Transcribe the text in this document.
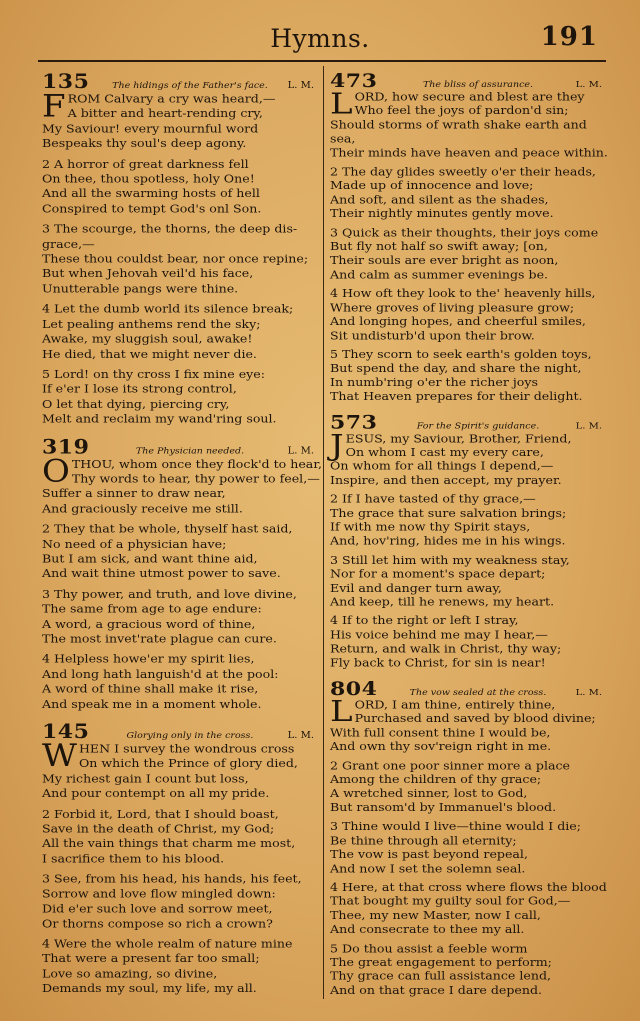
Hymns.	191
135	The hidings of the Father's face.	L. M.
F ROM Calvary a cry was heard,—
A bitter and heart-rending cry,
My Saviour! every mournful word
Bespeaks thy soul's deep agony.
2 A horror of great darkness fell
On thee, thou spotless, holy One!
And all the swarming hosts of hell
Conspired to tempt God's onl Son.
3 The scourge, the thorns, the deep dis-
grace,—
These thou couldst bear, nor once repine;
But when Jehovah veil'd his face,
Unutterable pangs were thine.
4 Let the dumb world its silence break;
Let pealing anthems rend the sky;
Awake, my sluggish soul, awake!
He died, that we might never die.
5 Lord! on thy cross I fix mine eye:
If e'er I lose its strong control,
O let that dying, piercing cry,
Melt and reclaim my wand'ring soul.
319	The Physician needed.	L. M.
O THOU, whom once they flock'd to hear,
Thy words to hear, thy power to feel,—
Suffer a sinner to draw near,
And graciously receive me still.
2 They that be whole, thyself hast said,
No need of a physician have;
But I am sick, and want thine aid,
And wait thine utmost power to save.
3 Thy power, and truth, and love divine,
The same from age to age endure:
A word, a gracious word of thine,
The most invet'rate plague can cure.
4 Helpless howe'er my spirit lies,
And long hath languish'd at the pool:
A word of thine shall make it rise,
And speak me in a moment whole.
145	Glorying only in the cross.	L. M.
W HEN I survey the wondrous cross
On which the Prince of glory died,
My richest gain I count but loss,
And pour contempt on all my pride.
2 Forbid it, Lord, that I should boast,
Save in the death of Christ, my God;
All the vain things that charm me most,
I sacrifice them to his blood.
3 See, from his head, his hands, his feet,
Sorrow and love flow mingled down:
Did e'er such love and sorrow meet,
Or thorns compose so rich a crown?
4 Were the whole realm of nature mine
That were a present far too small;
Love so amazing, so divine,
Demands my soul, my life, my all.
473	The bliss of assurance.	L. M.
L ORD, how secure and blest are they
Who feel the joys of pardon'd sin;
Should storms of wrath shake earth and
sea,
Their minds have heaven and peace within.
2 The day glides sweetly o'er their heads,
Made up of innocence and love;
And soft, and silent as the shades,
Their nightly minutes gently move.
3 Quick as their thoughts, their joys come
But fly not half so swift away; [on,
Their souls are ever bright as noon,
And calm as summer evenings be.
4 How oft they look to the' heavenly hills,
Where groves of living pleasure grow;
And longing hopes, and cheerful smiles,
Sit undisturb'd upon their brow.
5 They scorn to seek earth's golden toys,
But spend the day, and share the night,
In numb'ring o'er the richer joys
That Heaven prepares for their delight.
573	For the Spirit's guidance.	L. M.
J ESUS, my Saviour, Brother, Friend,
On whom I cast my every care,
On whom for all things I depend,—
Inspire, and then accept, my prayer.
2 If I have tasted of thy grace,—
The grace that sure salvation brings;
If with me now thy Spirit stays,
And, hov'ring, hides me in his wings.
3 Still let him with my weakness stay,
Nor for a moment's space depart;
Evil and danger turn away,
And keep, till he renews, my heart.
4 If to the right or left I stray,
His voice behind me may I hear,—
Return, and walk in Christ, thy way;
Fly back to Christ, for sin is near!
804	The vow sealed at the cross.	L. M.
L ORD, I am thine, entirely thine,
Purchased and saved by blood divine;
With full consent thine I would be,
And own thy sov'reign right in me.
2 Grant one poor sinner more a place
Among the children of thy grace;
A wretched sinner, lost to God,
But ransom'd by Immanuel's blood.
3 Thine would I live—thine would I die;
Be thine through all eternity;
The vow is past beyond repeal,
And now I set the solemn seal.
4 Here, at that cross where flows the blood
That bought my guilty soul for God,—
Thee, my new Master, now I call,
And consecrate to thee my all.
5 Do thou assist a feeble worm
The great engagement to perform;
Thy grace can full assistance lend,
And on that grace I dare depend.
